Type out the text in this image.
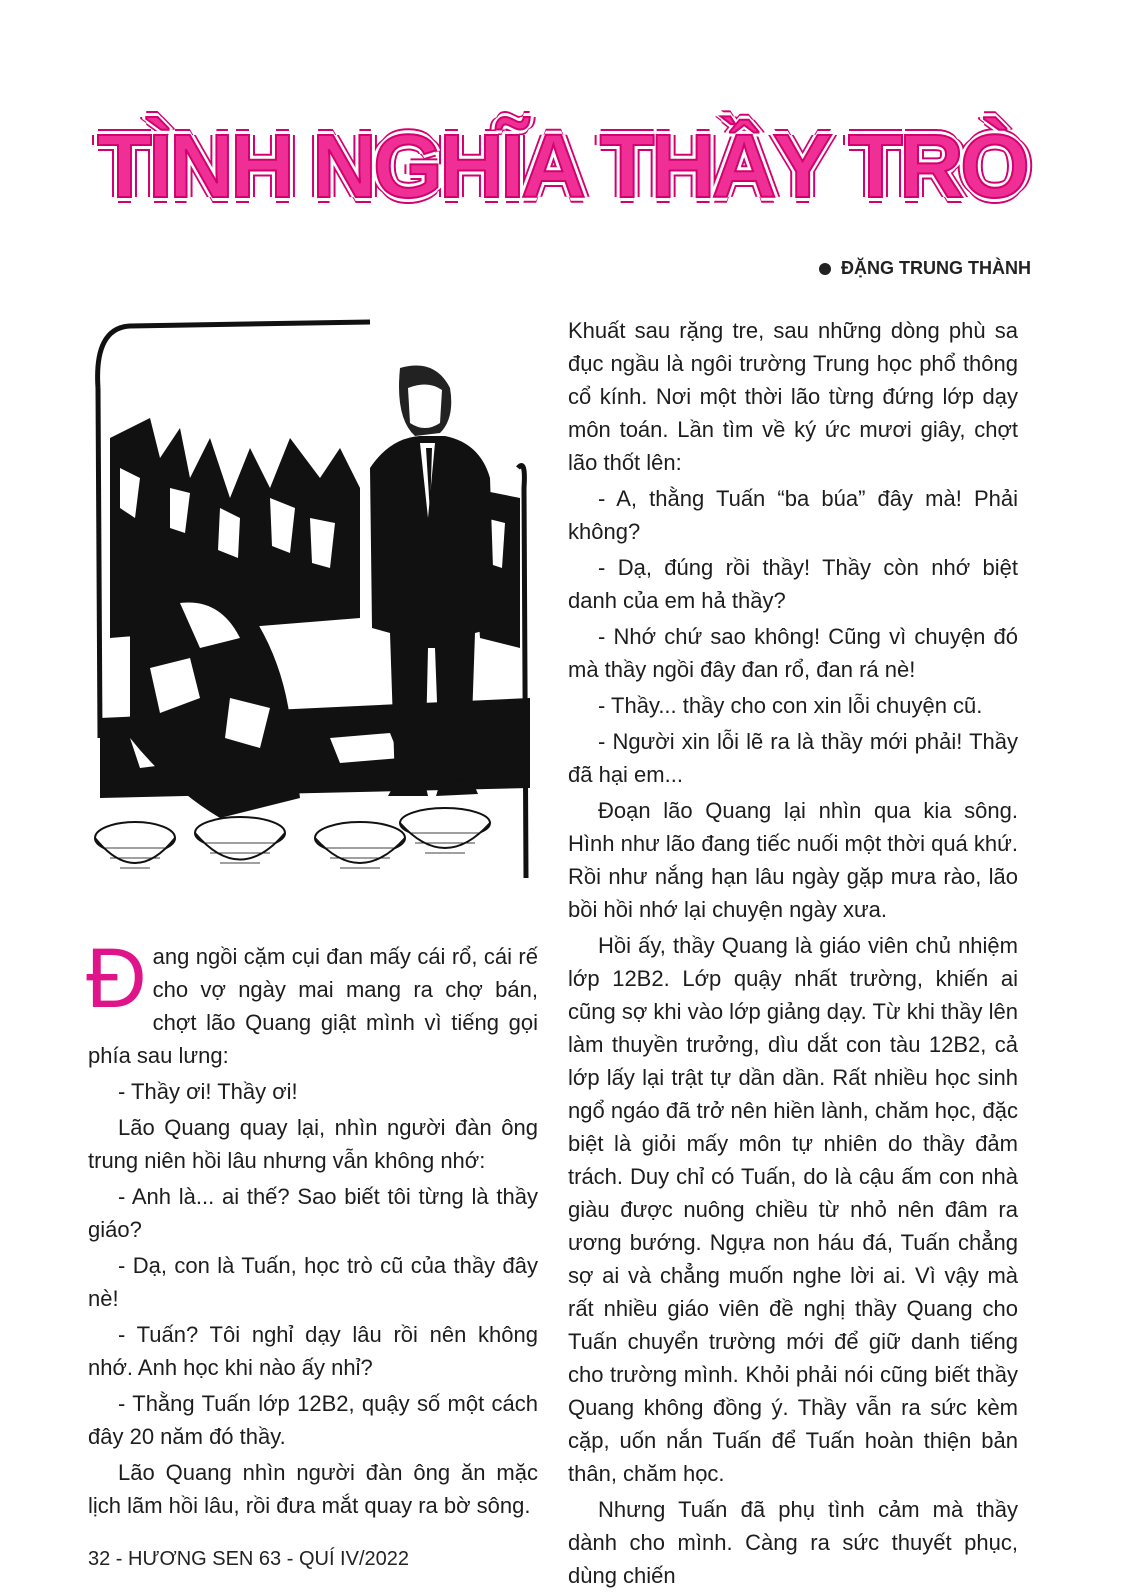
TÌNH NGHĨA THẦY TRÒ
ĐẶNG TRUNG THÀNH

Đang ngồi cặm cụi đan mấy cái rổ, cái rế cho vợ ngày mai mang ra chợ bán, chợt lão Quang giật mình vì tiếng gọi phía sau lưng:

- Thầy ơi! Thầy ơi!

Lão Quang quay lại, nhìn người đàn ông trung niên hồi lâu nhưng vẫn không nhớ:

- Anh là... ai thế? Sao biết tôi từng là thầy giáo?

- Dạ, con là Tuấn, học trò cũ của thầy đây nè!

- Tuấn? Tôi nghỉ dạy lâu rồi nên không nhớ. Anh học khi nào ấy nhỉ?

- Thằng Tuấn lớp 12B2, quậy số một cách đây 20 năm đó thầy.

Lão Quang nhìn người đàn ông ăn mặc lịch lãm hồi lâu, rồi đưa mắt quay ra bờ sông.

Khuất sau rặng tre, sau những dòng phù sa đục ngầu là ngôi trường Trung học phổ thông cổ kính. Nơi một thời lão từng đứng lớp dạy môn toán. Lần tìm về ký ức mươi giây, chợt lão thốt lên:

- A, thằng Tuấn “ba búa” đây mà! Phải không?

- Dạ, đúng rồi thầy! Thầy còn nhớ biệt danh của em hả thầy?

- Nhớ chứ sao không! Cũng vì chuyện đó mà thầy ngồi đây đan rổ, đan rá nè!

- Thầy... thầy cho con xin lỗi chuyện cũ.

- Người xin lỗi lẽ ra là thầy mới phải! Thầy đã hại em...

Đoạn lão Quang lại nhìn qua kia sông. Hình như lão đang tiếc nuối một thời quá khứ. Rồi như nắng hạn lâu ngày gặp mưa rào, lão bồi hồi nhớ lại chuyện ngày xưa.

Hồi ấy, thầy Quang là giáo viên chủ nhiệm lớp 12B2. Lớp quậy nhất trường, khiến ai cũng sợ khi vào lớp giảng dạy. Từ khi thầy lên làm thuyền trưởng, dìu dắt con tàu 12B2, cả lớp lấy lại trật tự dần dần. Rất nhiều học sinh ngổ ngáo đã trở nên hiền lành, chăm học, đặc biệt là giỏi mấy môn tự nhiên do thầy đảm trách. Duy chỉ có Tuấn, do là cậu ấm con nhà giàu được nuông chiều từ nhỏ nên đâm ra ương bướng. Ngựa non háu đá, Tuấn chẳng sợ ai và chẳng muốn nghe lời ai. Vì vậy mà rất nhiều giáo viên đề nghị thầy Quang cho Tuấn chuyển trường mới để giữ danh tiếng cho trường mình. Khỏi phải nói cũng biết thầy Quang không đồng ý. Thầy vẫn ra sức kèm cặp, uốn nắn Tuấn để Tuấn hoàn thiện bản thân, chăm học.

Nhưng Tuấn đã phụ tình cảm mà thầy dành cho mình. Càng ra sức thuyết phục, dùng chiến

32 - HƯƠNG SEN 63 - QUÍ IV/2022
